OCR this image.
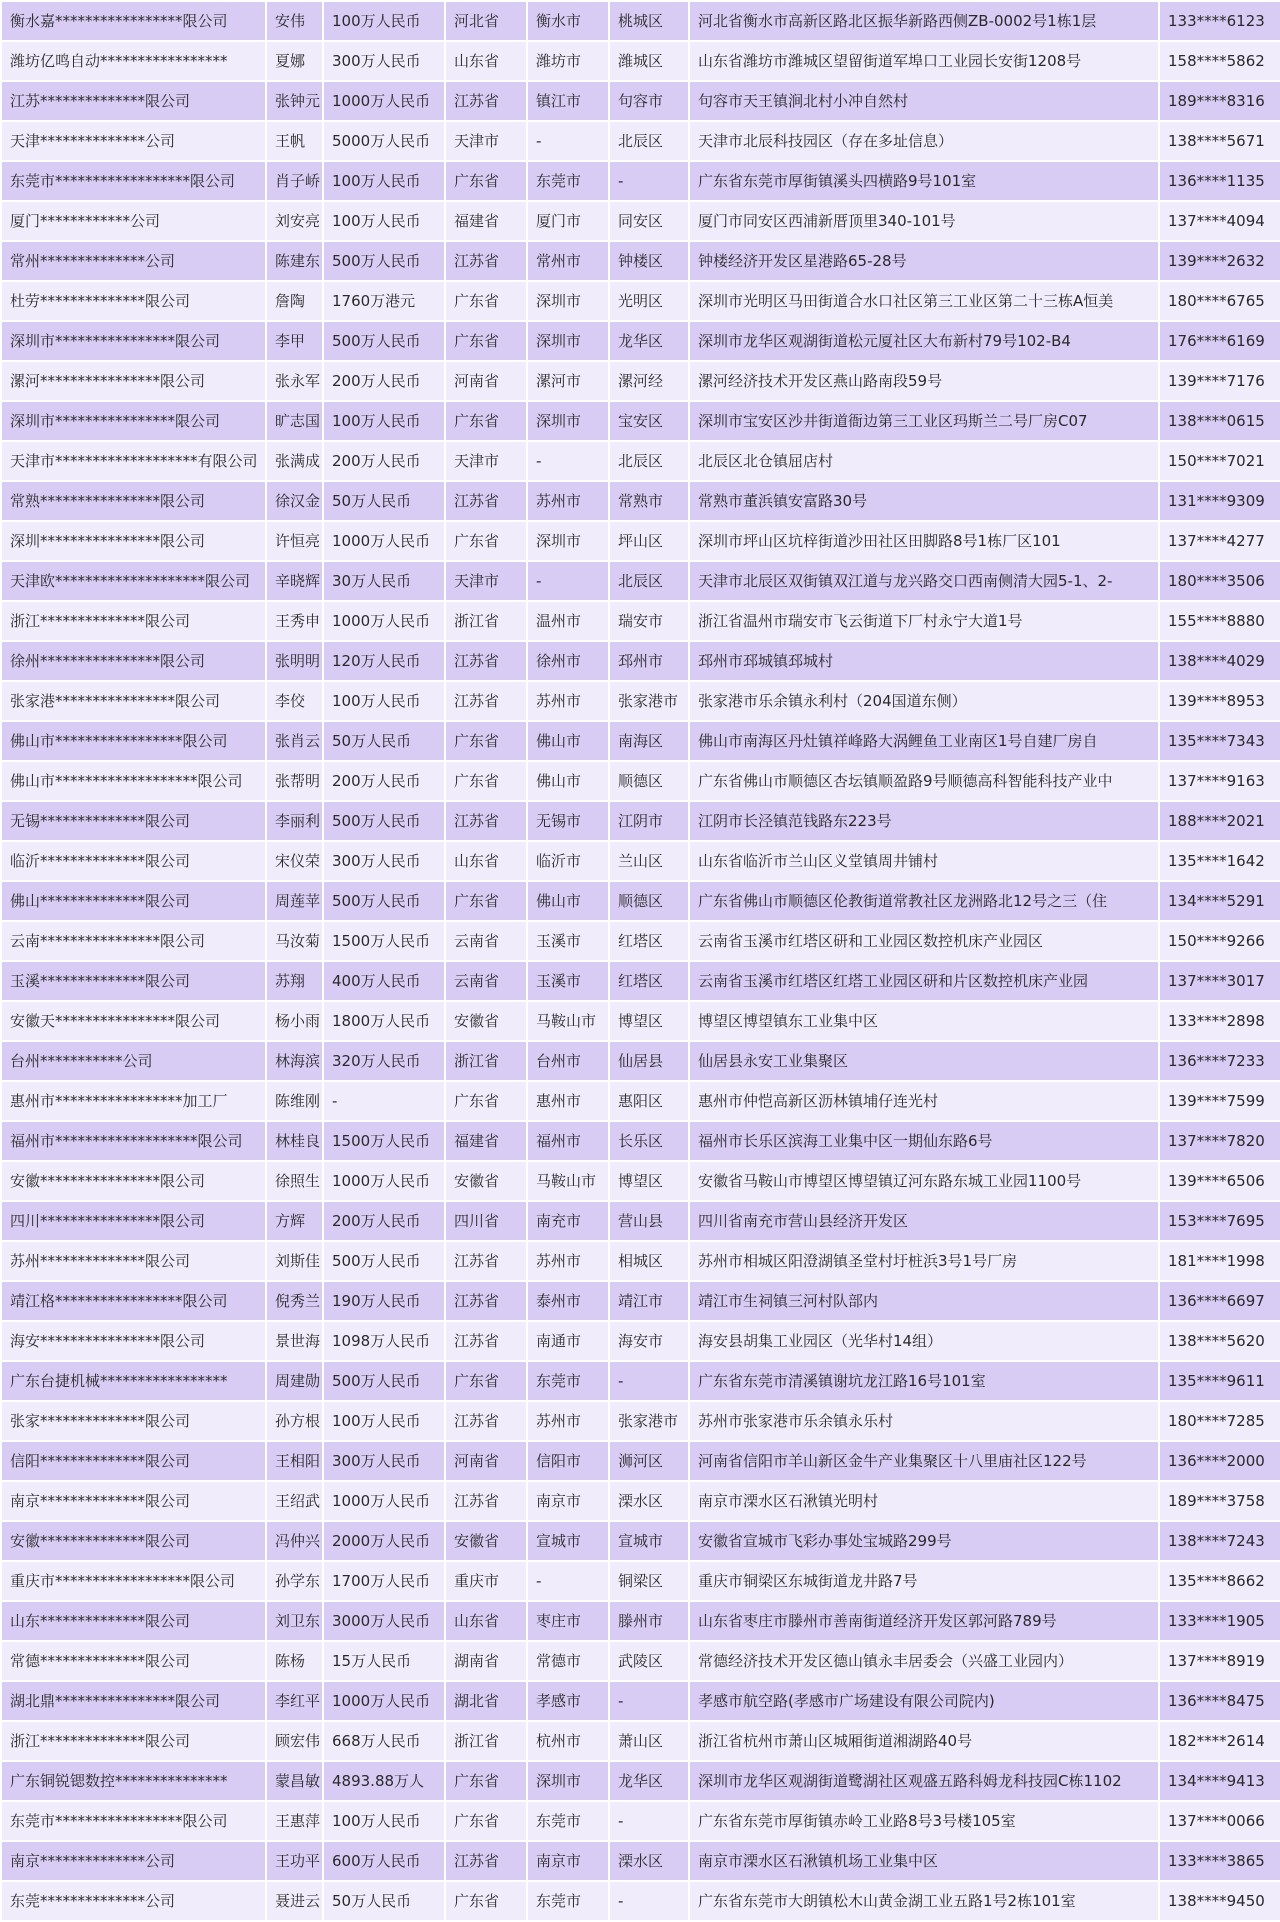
衡水嘉*****************限公司	安伟	100万人民币	河北省	衡水市	桃城区	河北省衡水市高新区路北区振华新路西侧ZB-0002号1栋1层	133****6123
潍坊亿鸣自动*****************	夏娜	300万人民币	山东省	潍坊市	潍城区	山东省潍坊市潍城区望留街道军埠口工业园长安街1208号	158****5862
江苏**************限公司	张钟元	1000万人民币	江苏省	镇江市	句容市	句容市天王镇涧北村小冲自然村	189****8316
天津**************公司	王帆	5000万人民币	天津市	-	北辰区	天津市北辰科技园区（存在多址信息）	138****5671
东莞市******************限公司	肖子峤	100万人民币	广东省	东莞市	-	广东省东莞市厚街镇溪头四横路9号101室	136****1135
厦门************公司	刘安亮	100万人民币	福建省	厦门市	同安区	厦门市同安区西浦新厝顶里340-101号	137****4094
常州**************公司	陈建东	500万人民币	江苏省	常州市	钟楼区	钟楼经济开发区星港路65-28号	139****2632
杜劳**************限公司	詹陶	1760万港元	广东省	深圳市	光明区	深圳市光明区马田街道合水口社区第三工业区第二十三栋A恒美	180****6765
深圳市****************限公司	李甲	500万人民币	广东省	深圳市	龙华区	深圳市龙华区观湖街道松元厦社区大布新村79号102-B4	176****6169
漯河****************限公司	张永军	200万人民币	河南省	漯河市	漯河经	漯河经济技术开发区燕山路南段59号	139****7176
深圳市****************限公司	旷志国	100万人民币	广东省	深圳市	宝安区	深圳市宝安区沙井街道衙边第三工业区玛斯兰二号厂房C07	138****0615
天津市*******************有限公司	张满成	200万人民币	天津市	-	北辰区	北辰区北仓镇屈店村	150****7021
常熟****************限公司	徐汉金	50万人民币	江苏省	苏州市	常熟市	常熟市董浜镇安富路30号	131****9309
深圳****************限公司	许恒亮	1000万人民币	广东省	深圳市	坪山区	深圳市坪山区坑梓街道沙田社区田脚路8号1栋厂区101	137****4277
天津欧********************限公司	辛晓辉	30万人民币	天津市	-	北辰区	天津市北辰区双街镇双江道与龙兴路交口西南侧清大园5-1、2-	180****3506
浙江**************限公司	王秀申	1000万人民币	浙江省	温州市	瑞安市	浙江省温州市瑞安市飞云街道下厂村永宁大道1号	155****8880
徐州****************限公司	张明明	120万人民币	江苏省	徐州市	邳州市	邳州市邳城镇邳城村	138****4029
张家港****************限公司	李佼	100万人民币	江苏省	苏州市	张家港市	张家港市乐余镇永利村（204国道东侧）	139****8953
佛山市*****************限公司	张肖云	50万人民币	广东省	佛山市	南海区	佛山市南海区丹灶镇祥峰路大涡鲤鱼工业南区1号自建厂房自	135****7343
佛山市*******************限公司	张帮明	200万人民币	广东省	佛山市	顺德区	广东省佛山市顺德区杏坛镇顺盈路9号顺德高科智能科技产业中	137****9163
无锡**************限公司	李丽利	500万人民币	江苏省	无锡市	江阴市	江阴市长泾镇范钱路东223号	188****2021
临沂**************限公司	宋仪荣	300万人民币	山东省	临沂市	兰山区	山东省临沂市兰山区义堂镇周井铺村	135****1642
佛山**************限公司	周莲苹	500万人民币	广东省	佛山市	顺德区	广东省佛山市顺德区伦教街道常教社区龙洲路北12号之三（住	134****5291
云南****************限公司	马汝菊	1500万人民币	云南省	玉溪市	红塔区	云南省玉溪市红塔区研和工业园区数控机床产业园区	150****9266
玉溪**************限公司	苏翔	400万人民币	云南省	玉溪市	红塔区	云南省玉溪市红塔区红塔工业园区研和片区数控机床产业园	137****3017
安徽天****************限公司	杨小雨	1800万人民币	安徽省	马鞍山市	博望区	博望区博望镇东工业集中区	133****2898
台州***********公司	林海滨	320万人民币	浙江省	台州市	仙居县	仙居县永安工业集聚区	136****7233
惠州市*****************加工厂	陈维刚	-	广东省	惠州市	惠阳区	惠州市仲恺高新区沥林镇埔仔连光村	139****7599
福州市*******************限公司	林桂良	1500万人民币	福建省	福州市	长乐区	福州市长乐区滨海工业集中区一期仙东路6号	137****7820
安徽****************限公司	徐照生	1000万人民币	安徽省	马鞍山市	博望区	安徽省马鞍山市博望区博望镇辽河东路东城工业园1100号	139****6506
四川****************限公司	方辉	200万人民币	四川省	南充市	营山县	四川省南充市营山县经济开发区	153****7695
苏州**************限公司	刘斯佳	500万人民币	江苏省	苏州市	相城区	苏州市相城区阳澄湖镇圣堂村圩桩浜3号1号厂房	181****1998
靖江格*****************限公司	倪秀兰	190万人民币	江苏省	泰州市	靖江市	靖江市生祠镇三河村队部内	136****6697
海安****************限公司	景世海	1098万人民币	江苏省	南通市	海安市	海安县胡集工业园区（光华村14组）	138****5620
广东台捷机械*****************	周建勋	500万人民币	广东省	东莞市	-	广东省东莞市清溪镇谢坑龙江路16号101室	135****9611
张家**************限公司	孙方根	100万人民币	江苏省	苏州市	张家港市	苏州市张家港市乐余镇永乐村	180****7285
信阳**************限公司	王相阳	300万人民币	河南省	信阳市	浉河区	河南省信阳市羊山新区金牛产业集聚区十八里庙社区122号	136****2000
南京**************限公司	王绍武	1000万人民币	江苏省	南京市	溧水区	南京市溧水区石湫镇光明村	189****3758
安徽**************限公司	冯仲兴	2000万人民币	安徽省	宣城市	宣城市	安徽省宣城市飞彩办事处宝城路299号	138****7243
重庆市******************限公司	孙学东	1700万人民币	重庆市	-	铜梁区	重庆市铜梁区东城街道龙井路7号	135****8662
山东**************限公司	刘卫东	3000万人民币	山东省	枣庄市	滕州市	山东省枣庄市滕州市善南街道经济开发区郭河路789号	133****1905
常德**************限公司	陈杨	15万人民币	湖南省	常德市	武陵区	常德经济技术开发区德山镇永丰居委会（兴盛工业园内）	137****8919
湖北鼎****************限公司	李红平	1000万人民币	湖北省	孝感市	-	孝感市航空路(孝感市广场建设有限公司院内)	136****8475
浙江**************限公司	顾宏伟	668万人民币	浙江省	杭州市	萧山区	浙江省杭州市萧山区城厢街道湘湖路40号	182****2614
广东铜锐锶数控***************	蒙昌敏	4893.88万人	广东省	深圳市	龙华区	深圳市龙华区观湖街道鹭湖社区观盛五路科姆龙科技园C栋1102	134****9413
东莞市*****************限公司	王惠萍	100万人民币	广东省	东莞市	-	广东省东莞市厚街镇赤岭工业路8号3号楼105室	137****0066
南京**************公司	王功平	600万人民币	江苏省	南京市	溧水区	南京市溧水区石湫镇机场工业集中区	133****3865
东莞**************公司	聂进云	50万人民币	广东省	东莞市	-	广东省东莞市大朗镇松木山黄金湖工业五路1号2栋101室	138****9450
